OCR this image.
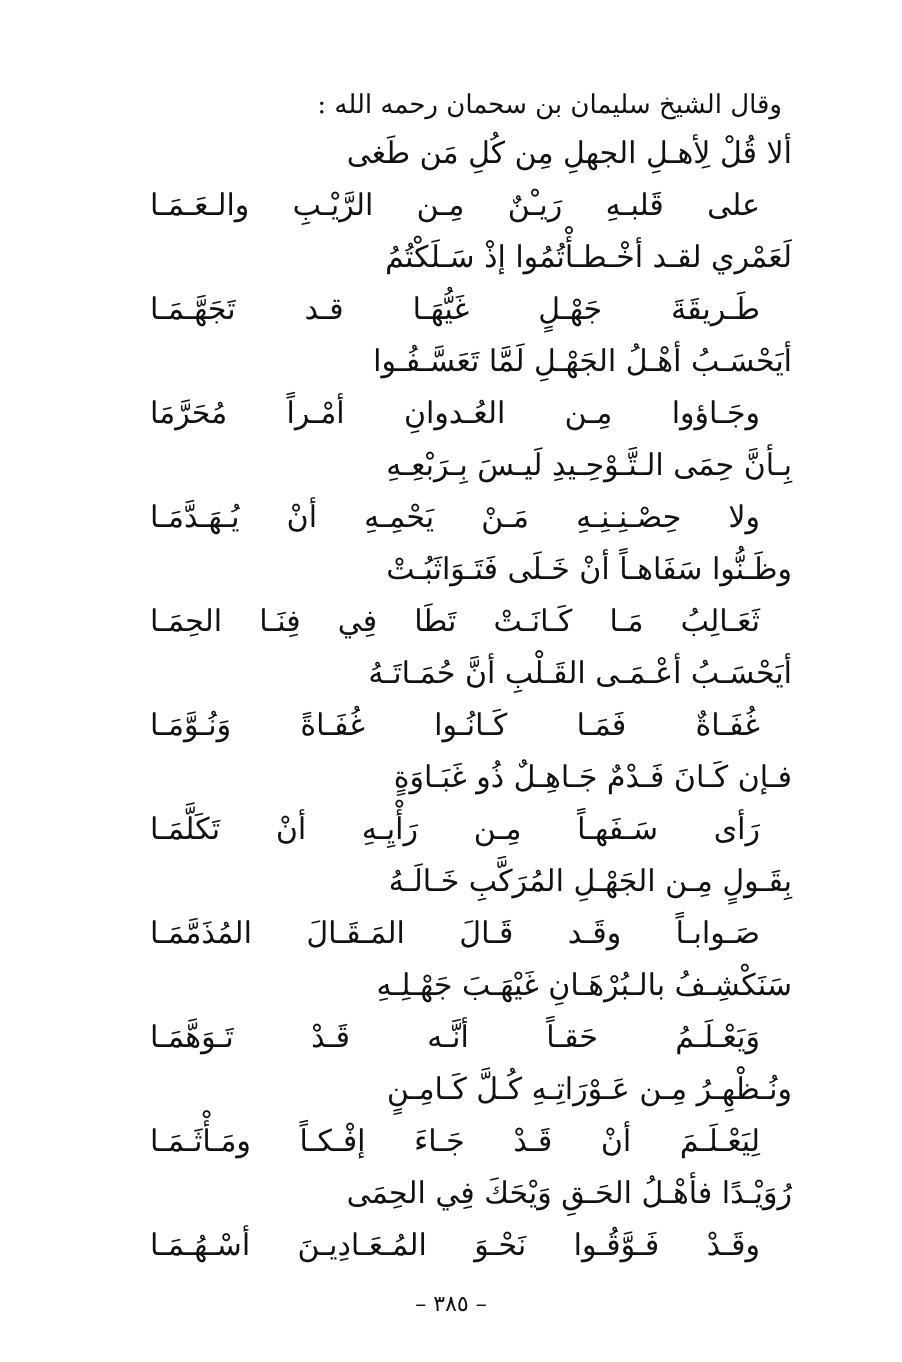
وقال الشيخ سليمان بن سحمان رحمه الله :
ألا قُلْ لِأهـلِ الجهلِ مِن كُلِ مَن طَغى
على قَلبـهِ رَيـْنٌ مِـن الرَّيْـبِ والـعَـمَـا
لَعَمْري لقـد أخْـطـأْتُمُوا إذْ سَـلَكْتُمُ
طَـريقَةَ جَهْـلٍ غَيُّهَـا قـد تَجَهَّـمَـا
أيَحْسَـبُ أهْـلُ الجَهْـلِ لَمَّا تَعَسَّـفُـوا
وجَـاؤوا مِـن العُـدوانِ أمْـراً مُحَرَّمَا
بِـأنَّ حِمَى الـتَّـوْحِـيدِ لَيـسَ بِـرَبْعِـهِ
ولا حِصْـنِـنِـهِ مَـنْ يَحْمِـهِ أنْ يُـهَـدَّمَـا
وظَـنُّوا سَفَاهـاً أنْ خَـلَى فَتَـوَاثَبُـتْ
ثَعَـالِبُ مَـا كَـانَـتْ تَطَا فِي فِنَـا الحِمَـا
أيَحْسَـبُ أعْـمَـى القَـلْبِ أنَّ حُمَـاتَـهُ
غُفَـاةٌ فَمَـا كَـانُـوا غُفَـاةً وَنُـوَّمَـا
فـإن كَـانَ فَـدْمٌ جَـاهِـلٌ ذُو غَبَـاوَةٍ
رَأى سَـفَهـاً مِـن رَأْيِـهِ أنْ تَكَلَّمَـا
بِقَـولٍ مِـن الجَهْـلِ المُرَكَّبِ خَـالَـهُ
صَـوابـاً وقَـد قَـالَ المَـقَـالَ المُذَمَّمَـا
سَنَكْشِـفُ بالـبُرْهَـانِ غَيْهَـبَ جَهْـلِـهِ
وَيَعْـلَـمُ حَقـاً أنَّـه قَـدْ تَـوَهَّمَـا
ونُـظْهِـرُ مِـن عَـوْرَاتِـهِ كُـلَّ كَـامِـنٍ
لِيَعْـلَـمَ أنْ قَـدْ جَـاءَ إفْـكـاً ومَـأْثَـمَـا
رُوَيْـدًا فأهْـلُ الحَـقِ وَيْحَكَ فِي الحِمَى
وقَـدْ فَـوَّقُـوا نَحْـوَ المُـعَـادِيـنَ أسْـهُـمَـا
– ٣٨٥ –
